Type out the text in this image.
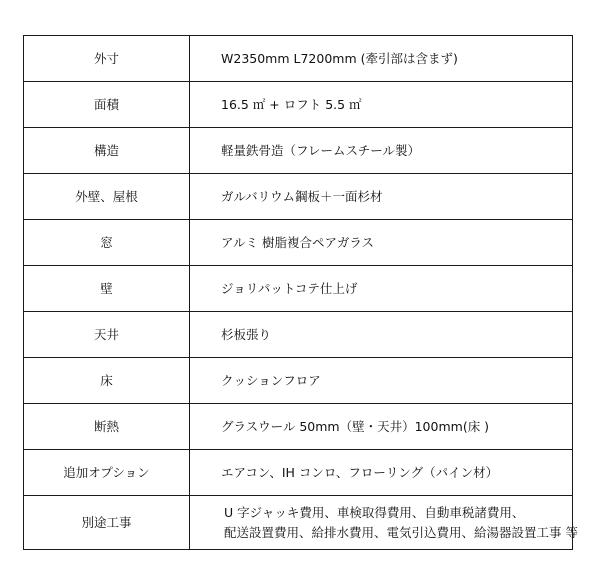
外寸	W2350mm L7200mm (牽引部は含まず)
面積	16.5 ㎡ + ロフト 5.5 ㎡
構造	軽量鉄骨造（フレームスチール製）
外壁、屋根	ガルバリウム鋼板＋一面杉材
窓	アルミ 樹脂複合ペアガラス
壁	ジョリパットコテ仕上げ
天井	杉板張り
床	クッションフロア
断熱	グラスウール 50mm（壁・天井）100mm(床 )
追加オプション	エアコン、IH コンロ、フローリング（パイン材）
別途工事	U 字ジャッキ費用、車検取得費用、自動車税諸費用、
配送設置費用、給排水費用、電気引込費用、給湯器設置工事 等
